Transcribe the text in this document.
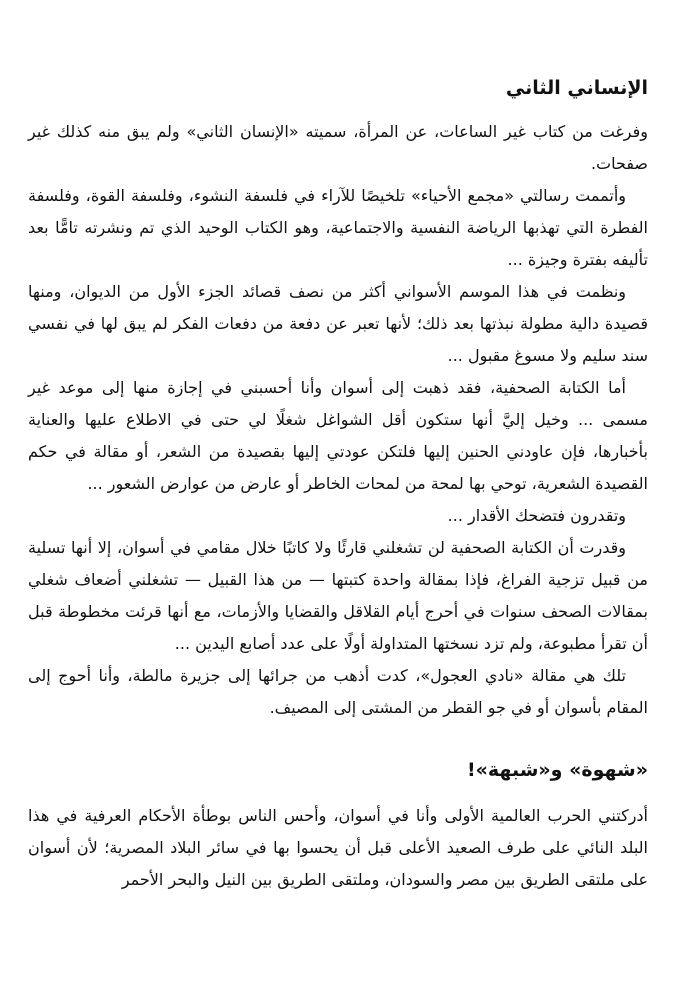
الإنساني الثاني

وفرغت من كتاب غير الساعات، عن المرأة، سميته «الإنسان الثاني» ولم يبق منه كذلك غير صفحات.

وأتممت رسالتي «مجمع الأحياء» تلخيصًا للآراء في فلسفة النشوء، وفلسفة القوة، وفلسفة الفطرة التي تهذبها الرياضة النفسية والاجتماعية، وهو الكتاب الوحيد الذي تم ونشرته تامًّا بعد تأليفه بفترة وجيزة ...

ونظمت في هذا الموسم الأسواني أكثر من نصف قصائد الجزء الأول من الديوان، ومنها قصيدة دالية مطولة نبذتها بعد ذلك؛ لأنها تعبر عن دفعة من دفعات الفكر لم يبق لها في نفسي سند سليم ولا مسوغ مقبول ...

أما الكتابة الصحفية، فقد ذهبت إلى أسوان وأنا أحسبني في إجازة منها إلى موعد غير مسمى ... وخيل إليَّ أنها ستكون أقل الشواغل شغلًا لي حتى في الاطلاع عليها والعناية بأخبارها، فإن عاودني الحنين إليها فلتكن عودتي إليها بقصيدة من الشعر، أو مقالة في حكم القصيدة الشعرية، توحي بها لمحة من لمحات الخاطر أو عارض من عوارض الشعور ...

وتقدرون فتضحك الأقدار ...

وقدرت أن الكتابة الصحفية لن تشغلني قارئًا ولا كاتبًا خلال مقامي في أسوان، إلا أنها تسلية من قبيل تزجية الفراغ، فإذا بمقالة واحدة كتبتها — من هذا القبيل — تشغلني أضعاف شغلي بمقالات الصحف سنوات في أحرج أيام القلاقل والقضايا والأزمات، مع أنها قرئت مخطوطة قبل أن تقرأ مطبوعة، ولم تزد نسختها المتداولة أولًا على عدد أصابع اليدين ...

تلك هي مقالة «نادي العجول»، كدت أذهب من جرائها إلى جزيرة مالطة، وأنا أحوج إلى المقام بأسوان أو في جو القطر من المشتى إلى المصيف.

«شهوة» و«شبهة»!

أدركتني الحرب العالمية الأولى وأنا في أسوان، وأحس الناس بوطأة الأحكام العرفية في هذا البلد النائي على طرف الصعيد الأعلى قبل أن يحسوا بها في سائر البلاد المصرية؛ لأن أسوان على ملتقى الطريق بين مصر والسودان، وملتقى الطريق بين النيل والبحر الأحمر
